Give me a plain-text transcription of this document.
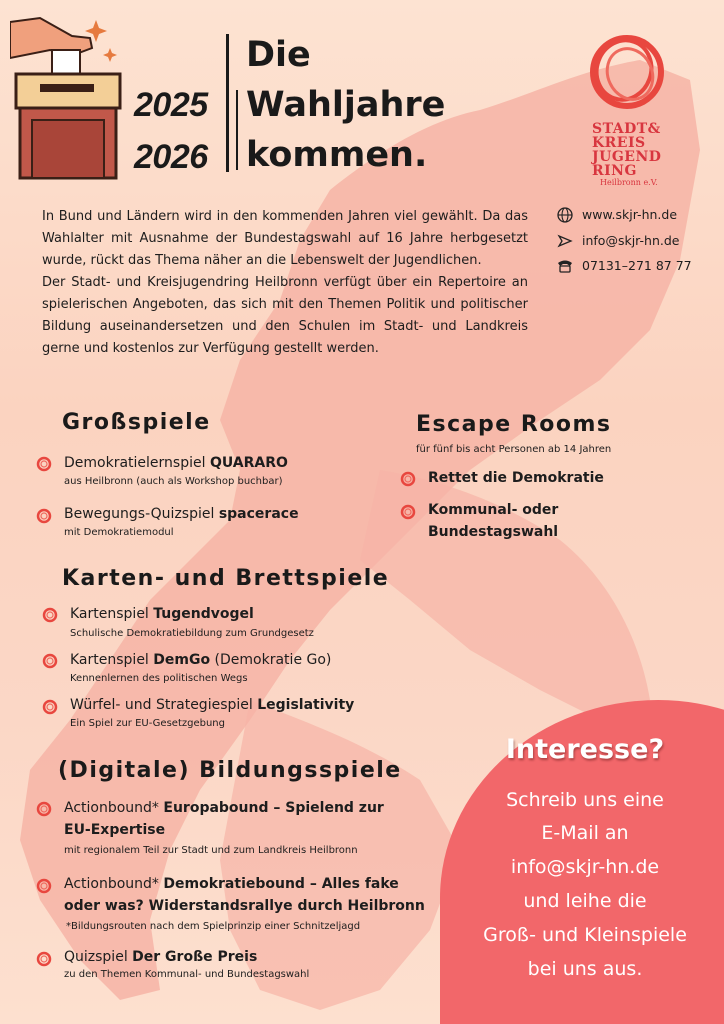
2025
2026
Die
Wahljahre
kommen.
STADT&
KREIS
JUGEND
RING
Heilbronn e.V.
www.skjr-hn.de
info@skjr-hn.de
07131–271 87 77

In Bund und Ländern wird in den kommenden Jahren viel gewählt. Da das Wahlalter mit Ausnahme der Bundestagswahl auf 16 Jahre herbgesetzt wurde, rückt das Thema näher an die Lebenswelt der Jugendlichen.

Der Stadt- und Kreisjugendring Heilbronn verfügt über ein Repertoire an spielerischen Angeboten, das sich mit den Themen Politik und politischer Bildung auseinandersetzen und den Schulen im Stadt- und Landkreis gerne und kostenlos zur Verfügung gestellt werden.

Großspiele
Demokratielernspiel QUARARO
aus Heilbronn (auch als Workshop buchbar)
Bewegungs-Quizspiel spacerace
mit Demokratiemodul
Escape Rooms
für fünf bis acht Personen ab 14 Jahren
Rettet die Demokratie
Kommunal- oder
Bundestagswahl
Karten- und Brettspiele
Kartenspiel Tugendvogel
Schulische Demokratiebildung zum Grundgesetz
Kartenspiel DemGo (Demokratie Go)
Kennenlernen des politischen Wegs
Würfel- und Strategiespiel Legislativity
Ein Spiel zur EU-Gesetzgebung
Interesse?
Schreib uns eine
E-Mail an
info@skjr-hn.de
und leihe die
Groß- und Kleinspiele
bei uns aus.
(Digitale) Bildungsspiele
Actionbound* Europabound – Spielend zur
EU-Expertise
mit regionalem Teil zur Stadt und zum Landkreis Heilbronn
Actionbound* Demokratiebound – Alles fake
oder was? Widerstandsrallye durch Heilbronn
*Bildungsrouten nach dem Spielprinzip einer Schnitzeljagd
Quizspiel Der Große Preis
zu den Themen Kommunal- und Bundestagswahl
